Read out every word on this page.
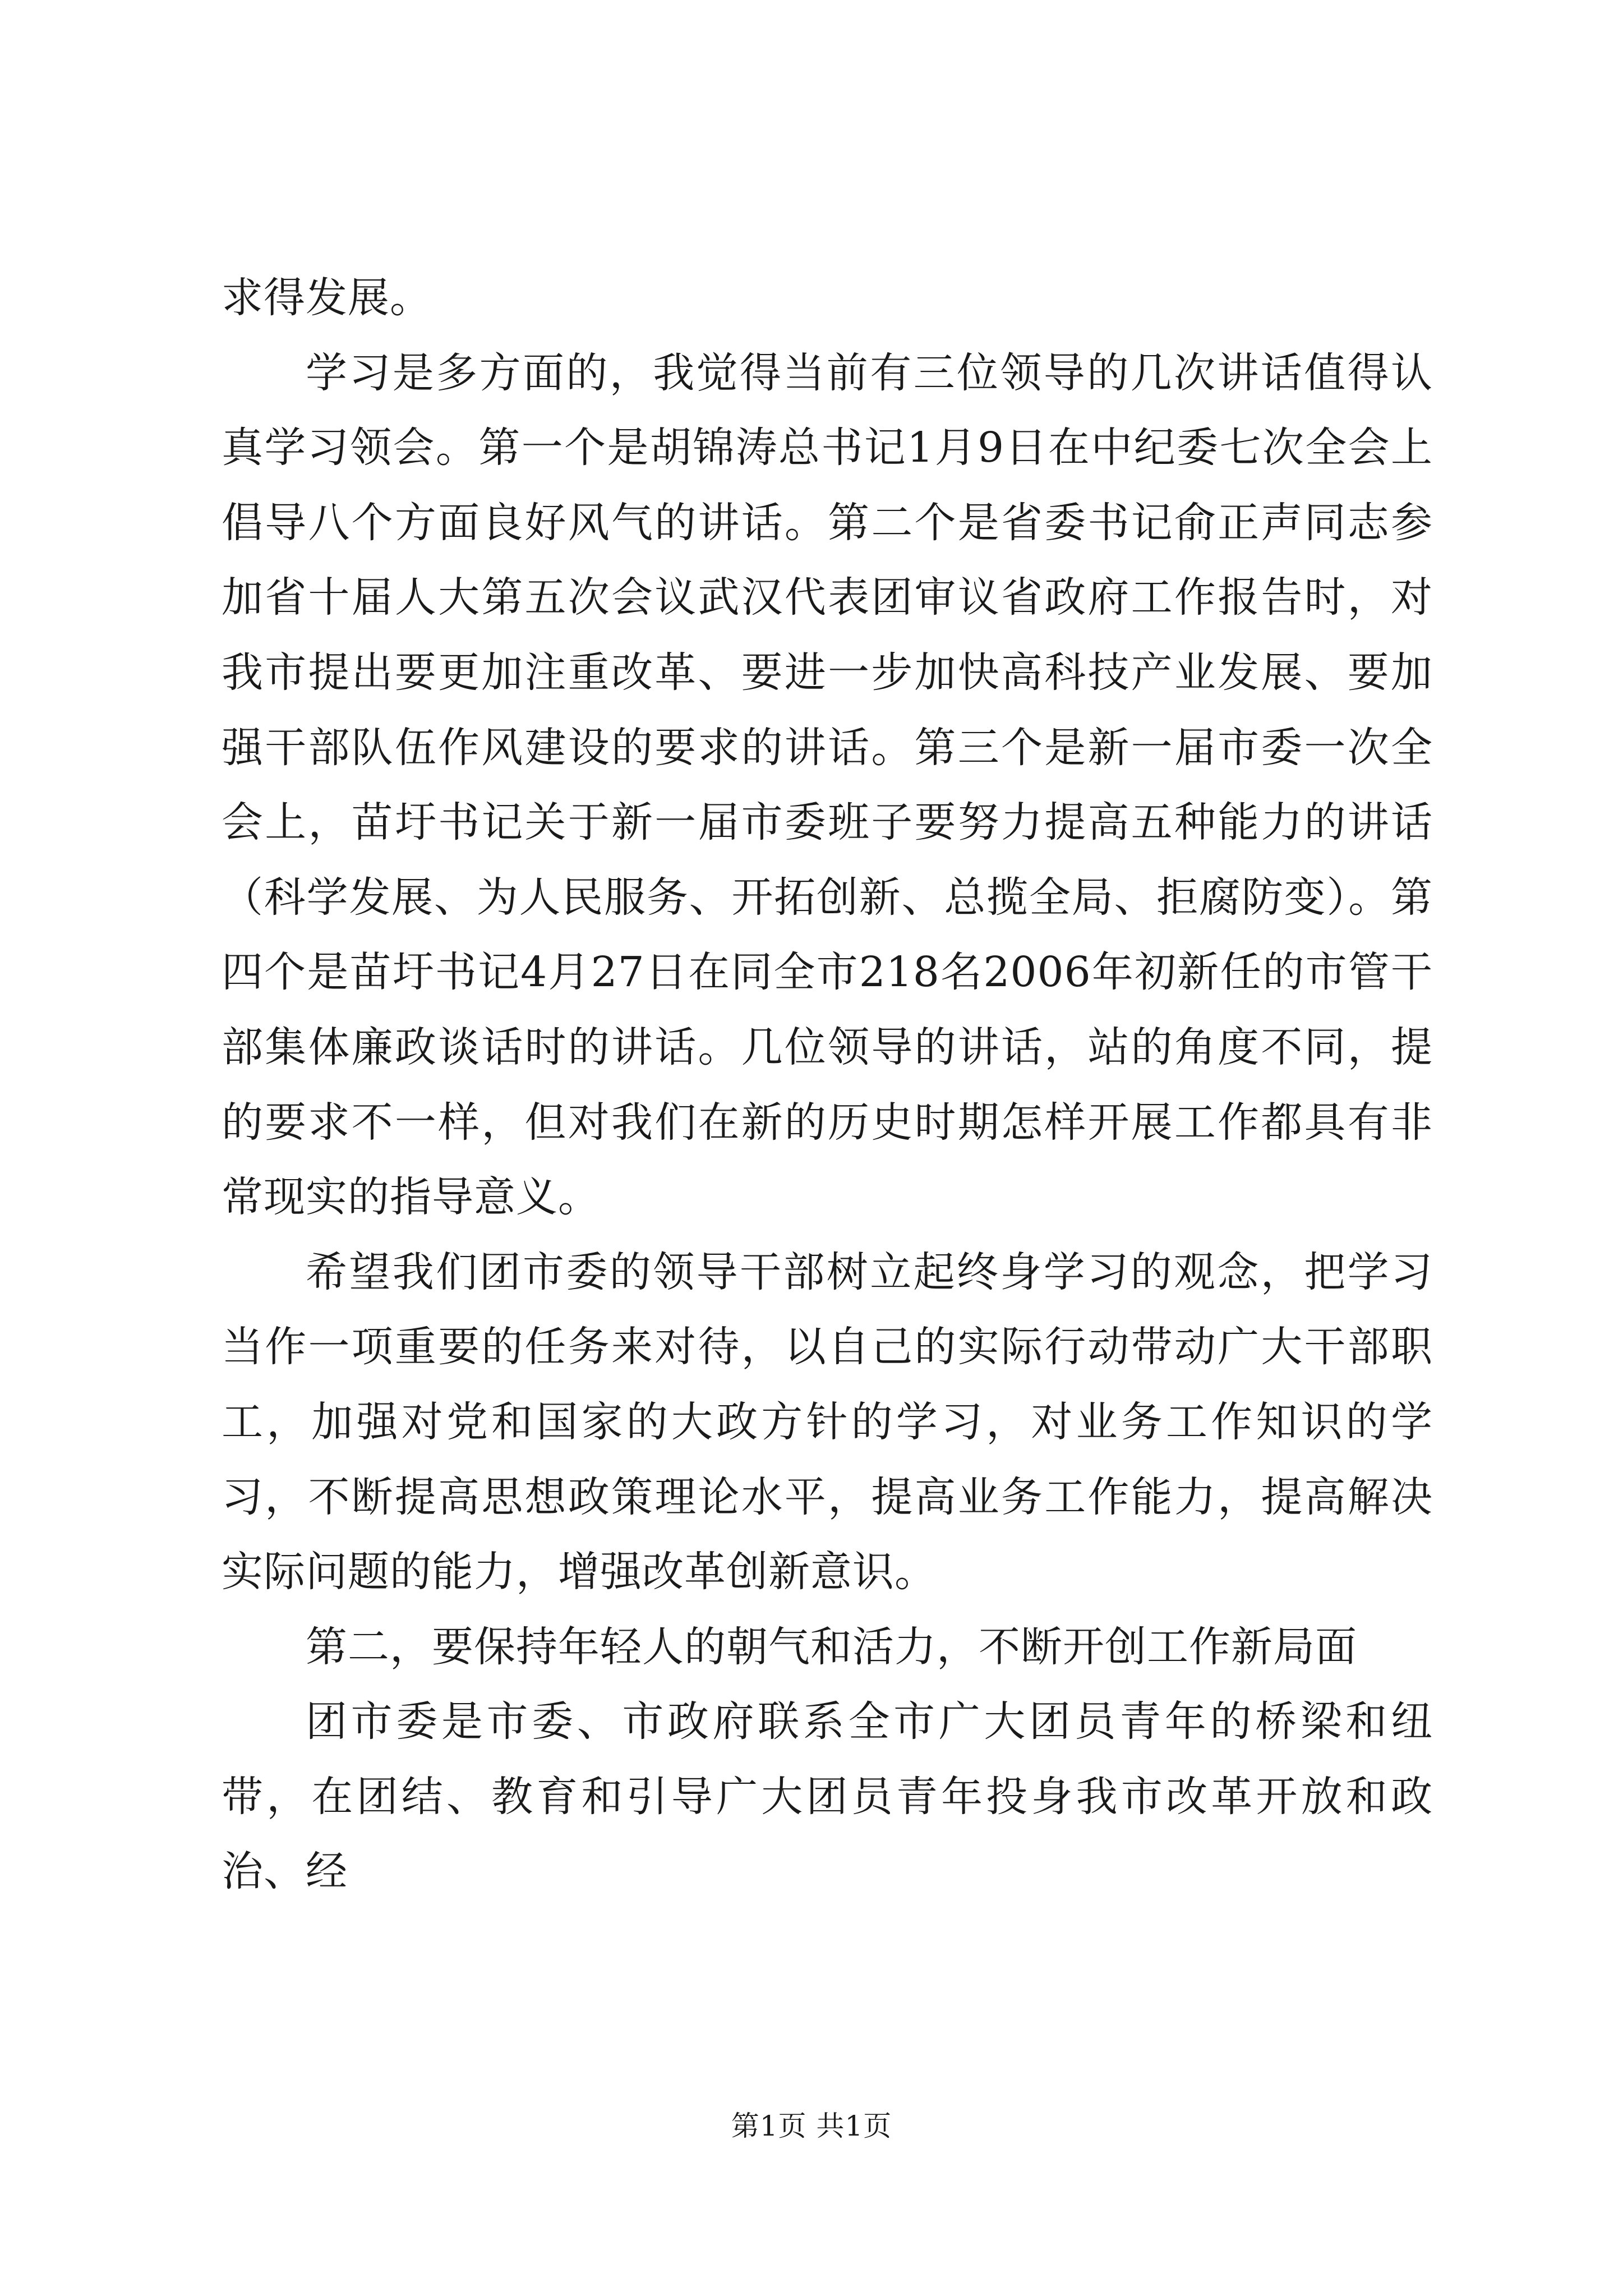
求得发展。

学习是多方面的，我觉得当前有三位领导的几次讲话值得认真学习领会。第一个是胡锦涛总书记1月9日在中纪委七次全会上倡导八个方面良好风气的讲话。第二个是省委书记俞正声同志参加省十届人大第五次会议武汉代表团审议省政府工作报告时，对我市提出要更加注重改革、要进一步加快高科技产业发展、要加强干部队伍作风建设的要求的讲话。第三个是新一届市委一次全会上，苗圩书记关于新一届市委班子要努力提高五种能力的讲话（科学发展、为人民服务、开拓创新、总揽全局、拒腐防变）。第四个是苗圩书记4月27日在同全市218名2006年初新任的市管干部集体廉政谈话时的讲话。几位领导的讲话，站的角度不同，提的要求不一样，但对我们在新的历史时期怎样开展工作都具有非常现实的指导意义。

希望我们团市委的领导干部树立起终身学习的观念，把学习当作一项重要的任务来对待，以自己的实际行动带动广大干部职工，加强对党和国家的大政方针的学习，对业务工作知识的学习，不断提高思想政策理论水平，提高业务工作能力，提高解决实际问题的能力，增强改革创新意识。

第二，要保持年轻人的朝气和活力，不断开创工作新局面

团市委是市委、市政府联系全市广大团员青年的桥梁和纽带，在团结、教育和引导广大团员青年投身我市改革开放和政治、经

第1页 共1页
